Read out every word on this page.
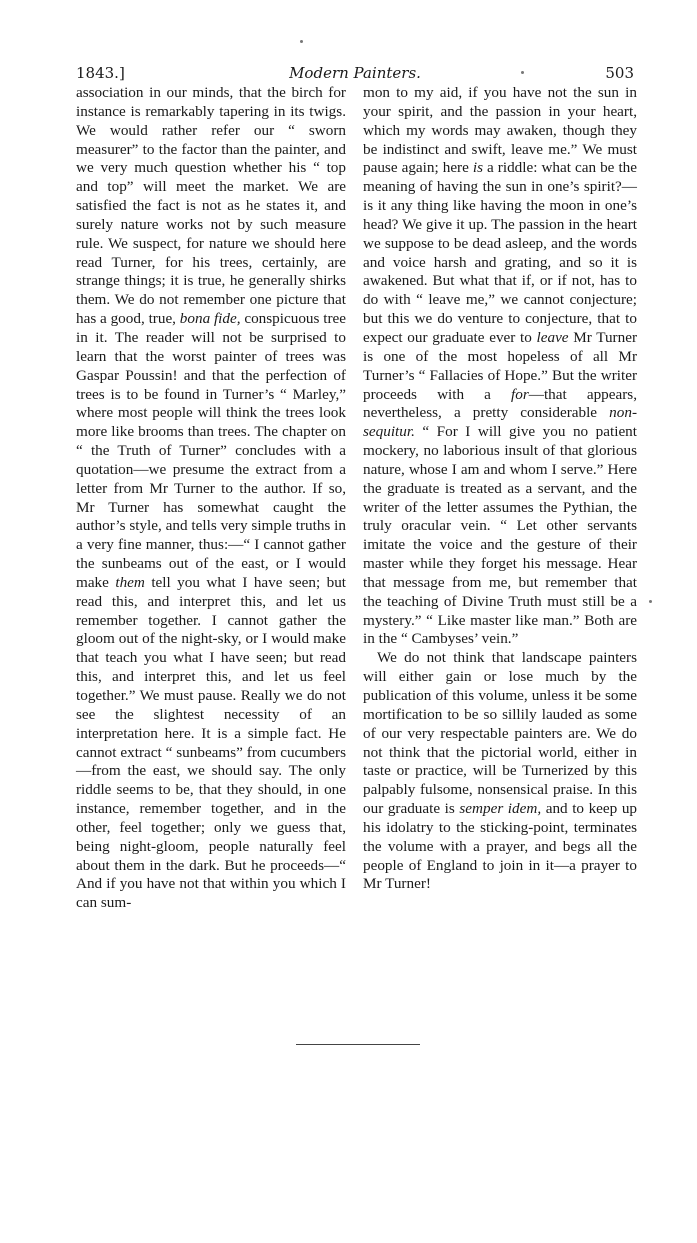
1843.]	Modern Painters.	503

association in our minds, that the birch for instance is remarkably tapering in its twigs. We would rather refer our “ sworn measurer” to the factor than the painter, and we very much question whether his “ top and top” will meet the market. We are satisfied the fact is not as he states it, and surely nature works not by such measure rule. We suspect, for nature we should here read Turner, for his trees, certainly, are strange things; it is true, he generally shirks them. We do not remember one picture that has a good, true, bona fide, conspicuous tree in it. The reader will not be surprised to learn that the worst painter of trees was Gaspar Poussin! and that the perfection of trees is to be found in Turner’s “ Marley,” where most people will think the trees look more like brooms than trees. The chapter on “ the Truth of Turner” concludes with a quotation—we presume the extract from a letter from Mr Turner to the author. If so, Mr Turner has somewhat caught the author’s style, and tells very simple truths in a very fine manner, thus:—“ I cannot gather the sunbeams out of the east, or I would make them tell you what I have seen; but read this, and interpret this, and let us remember together. I cannot gather the gloom out of the night-sky, or I would make that teach you what I have seen; but read this, and interpret this, and let us feel together.” We must pause. Really we do not see the slightest necessity of an interpretation here. It is a simple fact. He cannot extract “ sunbeams” from cucumbers—from the east, we should say. The only riddle seems to be, that they should, in one instance, remember together, and in the other, feel together; only we guess that, being night-gloom, people naturally feel about them in the dark. But he proceeds—“ And if you have not that within you which I can sum-

mon to my aid, if you have not the sun in your spirit, and the passion in your heart, which my words may awaken, though they be indistinct and swift, leave me.” We must pause again; here is a riddle: what can be the meaning of having the sun in one’s spirit?—is it any thing like having the moon in one’s head? We give it up. The passion in the heart we suppose to be dead asleep, and the words and voice harsh and grating, and so it is awakened. But what that if, or if not, has to do with “ leave me,” we cannot conjecture; but this we do venture to conjecture, that to expect our graduate ever to leave Mr Turner is one of the most hopeless of all Mr Turner’s “ Fallacies of Hope.” But the writer proceeds with a for—that appears, nevertheless, a pretty considerable non-sequitur. “ For I will give you no patient mockery, no laborious insult of that glorious nature, whose I am and whom I serve.” Here the graduate is treated as a servant, and the writer of the letter assumes the Pythian, the truly oracular vein. “ Let other servants imitate the voice and the gesture of their master while they forget his message. Hear that message from me, but remember that the teaching of Divine Truth must still be a mystery.” “ Like master like man.” Both are in the “ Cambyses’ vein.”

We do not think that landscape painters will either gain or lose much by the publication of this volume, unless it be some mortification to be so sillily lauded as some of our very respectable painters are. We do not think that the pictorial world, either in taste or practice, will be Turnerized by this palpably fulsome, nonsensical praise. In this our graduate is semper idem, and to keep up his idolatry to the sticking-point, terminates the volume with a prayer, and begs all the people of England to join in it—a prayer to Mr Turner!
